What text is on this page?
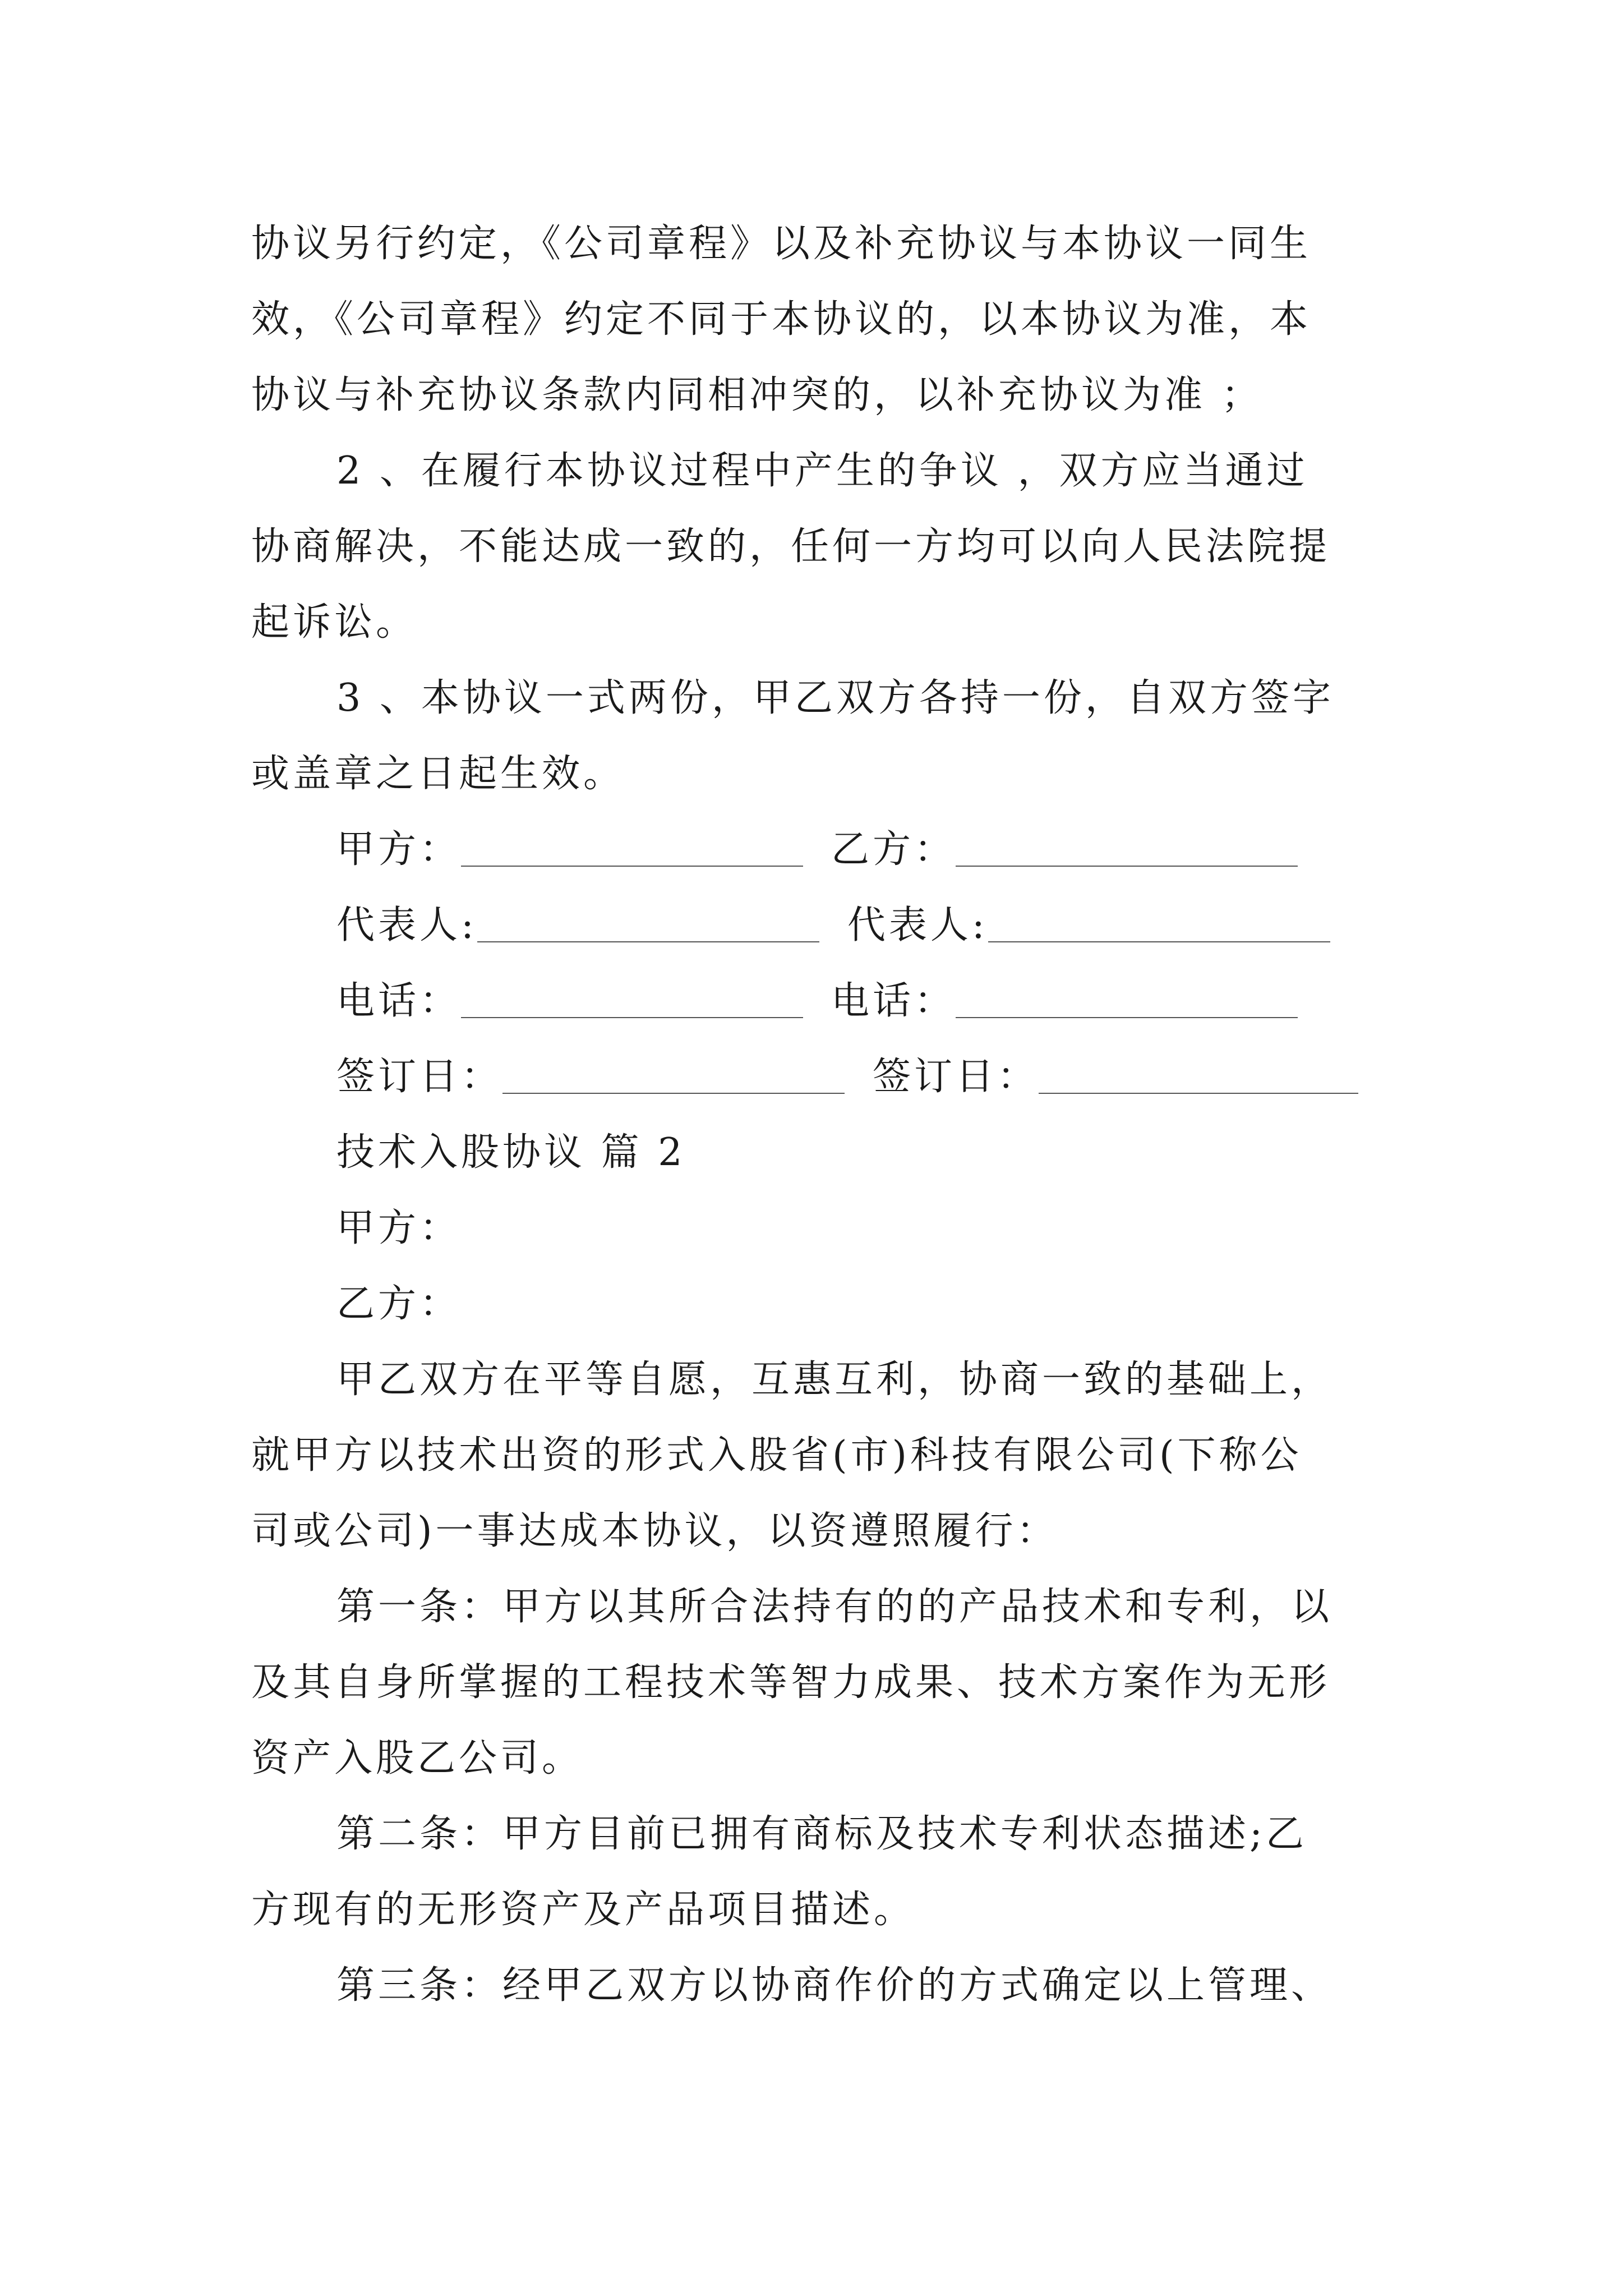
协议另行约定，《公司章程》以及补充协议与本协议一同生
效，《公司章程》约定不同于本协议的，以本协议为准，本
协议与补充协议条款内同相冲突的，以补充协议为准 ；
2 、在履行本协议过程中产生的争议 ，双方应当通过
协商解决，不能达成一致的，任何一方均可以向人民法院提
起诉讼。
3 、本协议一式两份，甲乙双方各持一份，自双方签字
或盖章之日起生效。
甲方：	乙方：
代表人:	代表人:
电话：	电话：
签订日：	签订日：
技术入股协议 篇 2
甲方：
乙方：
甲乙双方在平等自愿，互惠互利，协商一致的基础上，
就甲方以技术出资的形式入股省(市)科技有限公司(下称公
司或公司)一事达成本协议，以资遵照履行：
第一条：甲方以其所合法持有的的产品技术和专利，以
及其自身所掌握的工程技术等智力成果、技术方案作为无形
资产入股乙公司。
第二条：甲方目前已拥有商标及技术专利状态描述;乙
方现有的无形资产及产品项目描述。
第三条：经甲乙双方以协商作价的方式确定以上管理、
